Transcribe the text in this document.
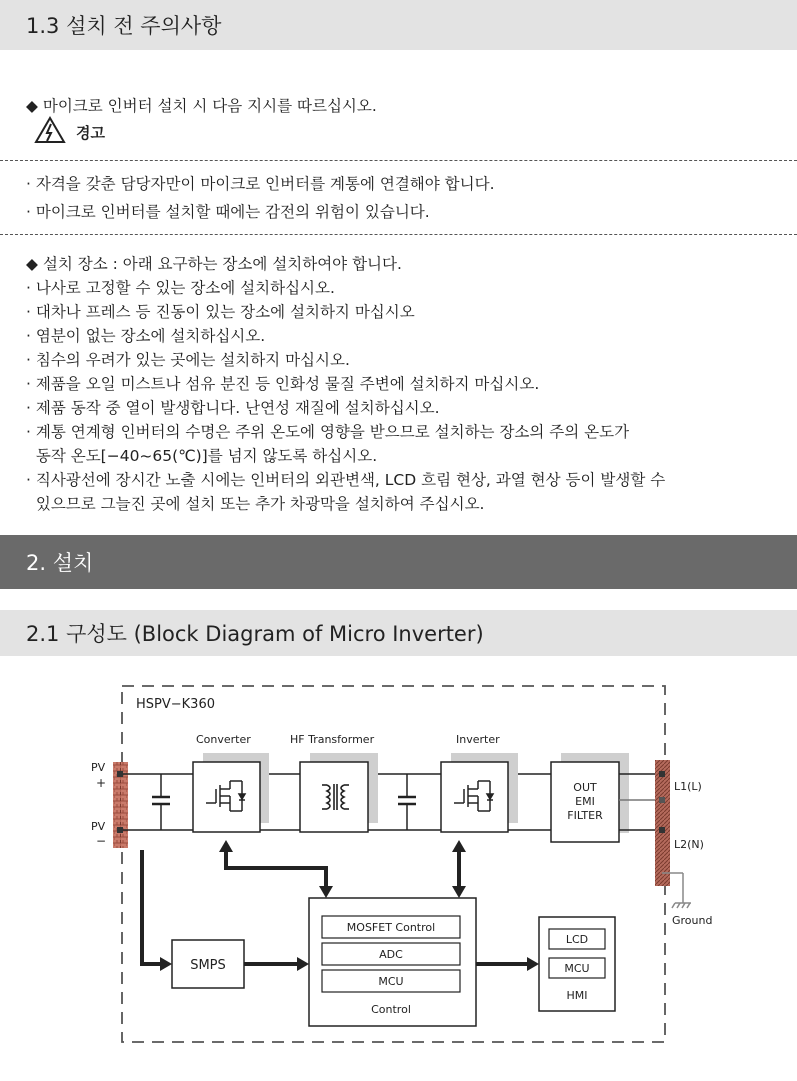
1.3 설치 전 주의사항
◆ 마이크로 인버터 설치 시 다음 지시를 따르십시오.
경고
· 자격을 갖춘 담당자만이 마이크로 인버터를 계통에 연결해야 합니다.
· 마이크로 인버터를 설치할 때에는 감전의 위험이 있습니다.
◆ 설치 장소 : 아래 요구하는 장소에 설치하여야 합니다.
· 나사로 고정할 수 있는 장소에 설치하십시오.
· 대차나 프레스 등 진동이 있는 장소에 설치하지 마십시오
· 염분이 없는 장소에 설치하십시오.
· 침수의 우려가 있는 곳에는 설치하지 마십시오.
· 제품을 오일 미스트나 섬유 분진 등 인화성 물질 주변에 설치하지 마십시오.
· 제품 동작 중 열이 발생합니다. 난연성 재질에 설치하십시오.
· 계통 연계형 인버터의 수명은 주위 온도에 영향을 받으므로 설치하는 장소의 주의 온도가
동작 온도[−40~65(℃)]를 넘지 않도록 하십시오.
· 직사광선에 장시간 노출 시에는 인버터의 외관변색, LCD 흐림 현상, 과열 현상 등이 발생할 수
있으므로 그늘진 곳에 설치 또는 추가 차광막을 설치하여 주십시오.
2. 설치
2.1 구성도 (Block Diagram of Micro Inverter)
HSPV−K360
Converter	HF Transformer	Inverter
PV
+
PV
−
OUT
EMI
FILTER
L1(L)
L2(N)
Ground
MOSFET Control
ADC
MCU
Control
LCD
MCU
HMI
SMPS
